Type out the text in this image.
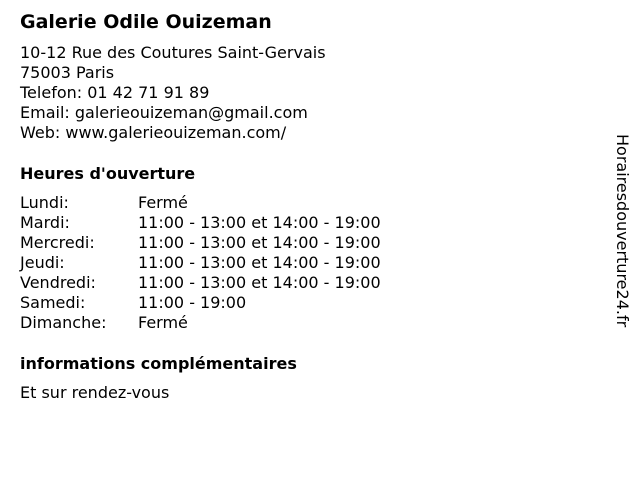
Galerie Odile Ouizeman
10-12 Rue des Coutures Saint-Gervais
75003 Paris
Telefon: 01 42 71 91 89
Email: galerieouizeman@gmail.com
Web: www.galerieouizeman.com/
Heures d'ouverture
Lundi:	Fermé
Mardi:	11:00 - 13:00 et 14:00 - 19:00
Mercredi:	11:00 - 13:00 et 14:00 - 19:00
Jeudi:	11:00 - 13:00 et 14:00 - 19:00
Vendredi:	11:00 - 13:00 et 14:00 - 19:00
Samedi:	11:00 - 19:00
Dimanche:	Fermé
informations complémentaires
Et sur rendez-vous
Horairesdouverture24.fr
